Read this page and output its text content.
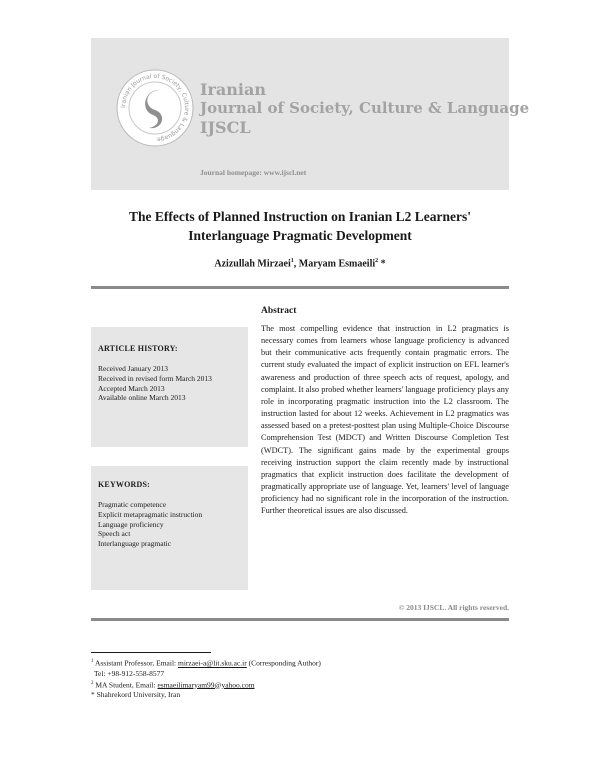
Iranian Journal of Society, Culture & Language
Iranian
Journal of Society, Culture & Language
IJSCL
Journal homepage: www.ijscl.net
The Effects of Planned Instruction on Iranian L2 Learners'
Interlanguage Pragmatic Development
Azizullah Mirzaei$^1$, Maryam Esmaeili$^2$ *
ARTICLE HISTORY:
Received January 2013
Received in revised form March 2013
Accepted March 2013
Available online March 2013
KEYWORDS:
Pragmatic competence
Explicit metapragmatic instruction
Language proficiency
Speech act
Interlanguage pragmatic
Abstract

The most compelling evidence that instruction in L2 pragmatics is necessary comes from learners whose language proficiency is advanced but their communicative acts frequently contain pragmatic errors. The current study evaluated the impact of explicit instruction on EFL learner's awareness and production of three speech acts of request, apology, and complaint. It also probed whether learners' language proficiency plays any role in incorporating pragmatic instruction into the L2 classroom. The instruction lasted for about 12 weeks. Achievement in L2 pragmatics was assessed based on a pretest-posttest plan using Multiple-Choice Discourse Comprehension Test (MDCT) and Written Discourse Completion Test (WDCT). The significant gains made by the experimental groups receiving instruction support the claim recently made by instructional pragmatics that explicit instruction does facilitate the development of pragmatically appropriate use of language. Yet, learners' level of language proficiency had no significant role in the incorporation of the instruction. Further theoretical issues are also discussed.

© 2013 IJSCL. All rights reserved.
$^1$ Assistant Professor, Email: mirzaei-a@lit.sku.ac.ir (Corresponding Author)
Tel: +98-912-558-8577
$^2$ MA Student, Email: esmaeilimaryam99@yahoo.com
* Shahrekord University, Iran
